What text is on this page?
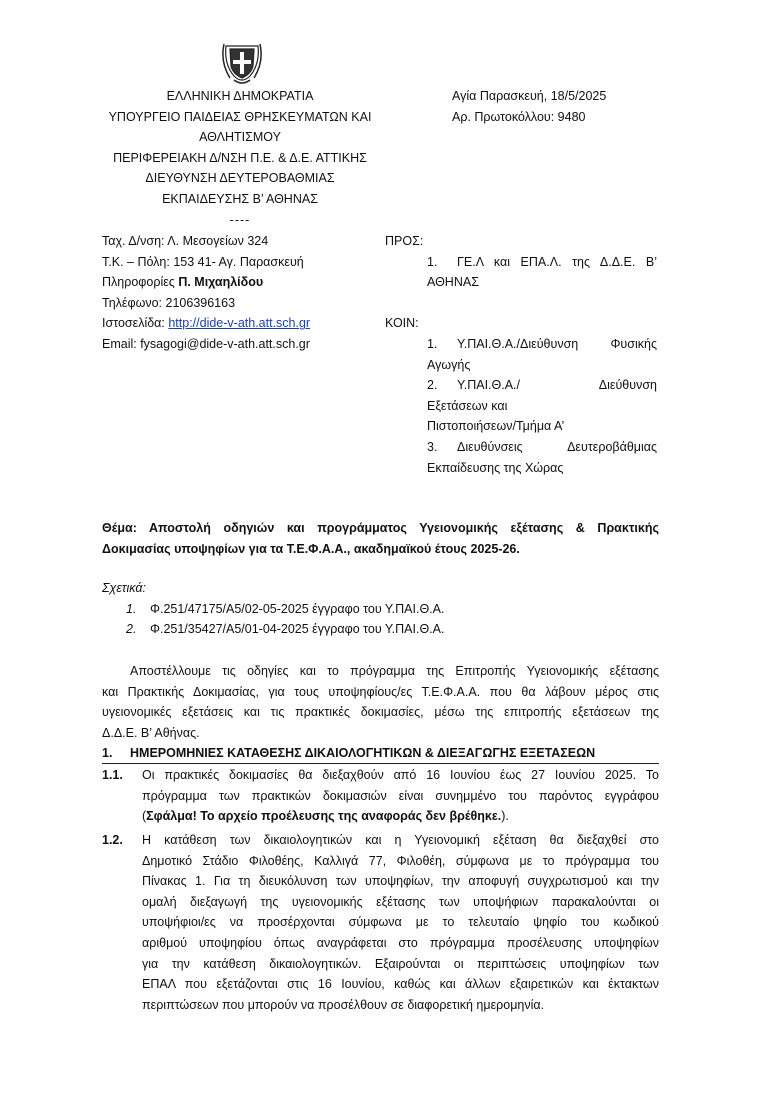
ΕΛΛΗΝΙΚΗ ΔΗΜΟΚΡΑΤΙΑ
ΥΠΟΥΡΓΕΙΟ ΠΑΙΔΕΙΑΣ ΘΡΗΣΚΕΥΜΑΤΩΝ ΚΑΙ
ΑΘΛΗΤΙΣΜΟΥ
ΠΕΡΙΦΕΡΕΙΑΚΗ Δ/ΝΣΗ Π.Ε. & Δ.Ε. ΑΤΤΙΚΗΣ
ΔΙΕΥΘΥΝΣΗ ΔΕΥΤΕΡΟΒΑΘΜΙΑΣ
ΕΚΠΑΙΔΕΥΣΗΣ Β’ ΑΘΗΝΑΣ
----
Αγία Παρασκευή, 18/5/2025
Αρ. Πρωτοκόλλου: 9480
Ταχ. Δ/νση: Λ. Μεσογείων 324
Τ.Κ. – Πόλη: 153 41- Αγ. Παρασκευή
Πληροφορίες Π. Μιχαηλίδου
Τηλέφωνο: 2106396163
Ιστοσελίδα: http://dide-v-ath.att.sch.gr
Email: fysagogi@dide-v-ath.att.sch.gr
ΠΡΟΣ:
1.	ΓΕ.Λ και ΕΠΑ.Λ. της Δ.Δ.Ε. Β’
ΑΘΗΝΑΣ
ΚΟΙΝ:
1.	Υ.ΠΑΙ.Θ.Α./Διεύθυνση Φυσικής
Αγωγής
2.	Υ.ΠΑΙ.Θ.Α./ Διεύθυνση
Εξετάσεων και
Πιστοποιήσεων/Τμήμα Α’
3.	Διευθύνσεις Δευτεροβάθμιας
Εκπαίδευσης της Χώρας
Θέμα: Αποστολή οδηγιών και προγράμματος Υγειονομικής εξέτασης & Πρακτικής
Δοκιμασίας υποψηφίων για τα Τ.Ε.Φ.Α.Α., ακαδημαϊκού έτους 2025-26.
Σχετικά:
1.	Φ.251/47175/Α5/02-05-2025 έγγραφο του Υ.ΠΑΙ.Θ.Α.
2.	Φ.251/35427/Α5/01-04-2025 έγγραφο του Υ.ΠΑΙ.Θ.Α.
Αποστέλλουμε τις οδηγίες και το πρόγραμμα της Επιτροπής Υγειονομικής εξέτασης
και Πρακτικής Δοκιμασίας, για τους υποψηφίους/ες Τ.Ε.Φ.Α.Α. που θα λάβουν μέρος στις
υγειονομικές εξετάσεις και τις πρακτικές δοκιμασίες, μέσω της επιτροπής εξετάσεων της
Δ.Δ.Ε. Β’ Αθήνας.
1. ΗΜΕΡΟΜΗΝΙΕΣ ΚΑΤΑΘΕΣΗΣ ΔΙΚΑΙΟΛΟΓΗΤΙΚΩΝ & ΔΙΕΞΑΓΩΓΗΣ ΕΞΕΤΑΣΕΩΝ
1.1.	Οι πρακτικές δοκιμασίες θα διεξαχθούν από 16 Ιουνίου έως 27 Ιουνίου 2025. Το
πρόγραμμα των πρακτικών δοκιμασιών είναι συνημμένο του παρόντος εγγράφου
(Σφάλμα! Το αρχείο προέλευσης της αναφοράς δεν βρέθηκε.).
1.2.	Η κατάθεση των δικαιολογητικών και η Υγειονομική εξέταση θα διεξαχθεί στο
Δημοτικό Στάδιο Φιλοθέης, Καλλιγά 77, Φιλοθέη, σύμφωνα με το πρόγραμμα του
Πίνακας 1. Για τη διευκόλυνση των υποψηφίων, την αποφυγή συγχρωτισμού και την
ομαλή διεξαγωγή της υγειονομικής εξέτασης των υποψήφιων παρακαλούνται οι
υποψήφιοι/ες να προσέρχονται σύμφωνα με το τελευταίο ψηφίο του κωδικού
αριθμού υποψηφίου όπως αναγράφεται στο πρόγραμμα προσέλευσης υποψηφίων
για την κατάθεση δικαιολογητικών. Εξαιρούνται οι περιπτώσεις υποψηφίων των
ΕΠΑΛ που εξετάζονται στις 16 Ιουνίου, καθώς και άλλων εξαιρετικών και έκτακτων
περιπτώσεων που μπορούν να προσέλθουν σε διαφορετική ημερομηνία.
